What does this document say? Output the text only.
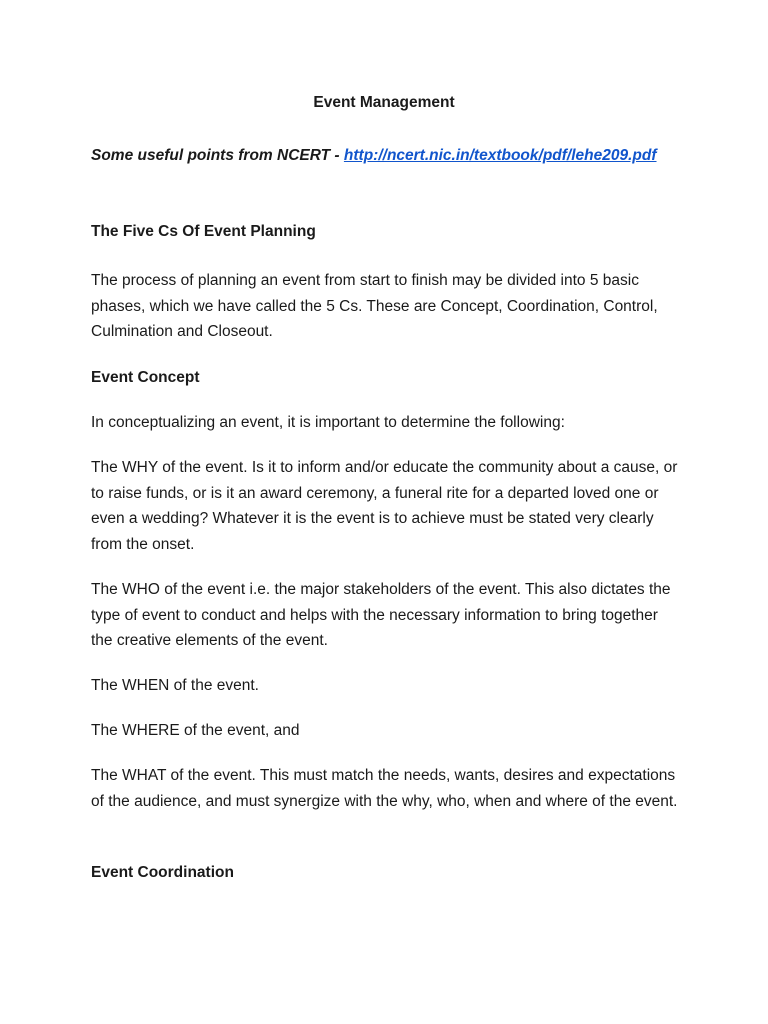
Event Management

Some useful points from NCERT - http://ncert.nic.in/textbook/pdf/lehe209.pdf

The Five Cs Of Event Planning

The process of planning an event from start to finish may be divided into 5 basic phases, which we have called the 5 Cs. These are Concept, Coordination, Control, Culmination and Closeout.

Event Concept

In conceptualizing an event, it is important to determine the following:

The WHY of the event. Is it to inform and/or educate the community about a cause, or to raise funds, or is it an award ceremony, a funeral rite for a departed loved one or even a wedding? Whatever it is the event is to achieve must be stated very clearly from the onset.

The WHO of the event i.e. the major stakeholders of the event. This also dictates the type of event to conduct and helps with the necessary information to bring together the creative elements of the event.

The WHEN of the event.

The WHERE of the event, and

The WHAT of the event. This must match the needs, wants, desires and expectations of the audience, and must synergize with the why, who, when and where of the event.

Event Coordination
